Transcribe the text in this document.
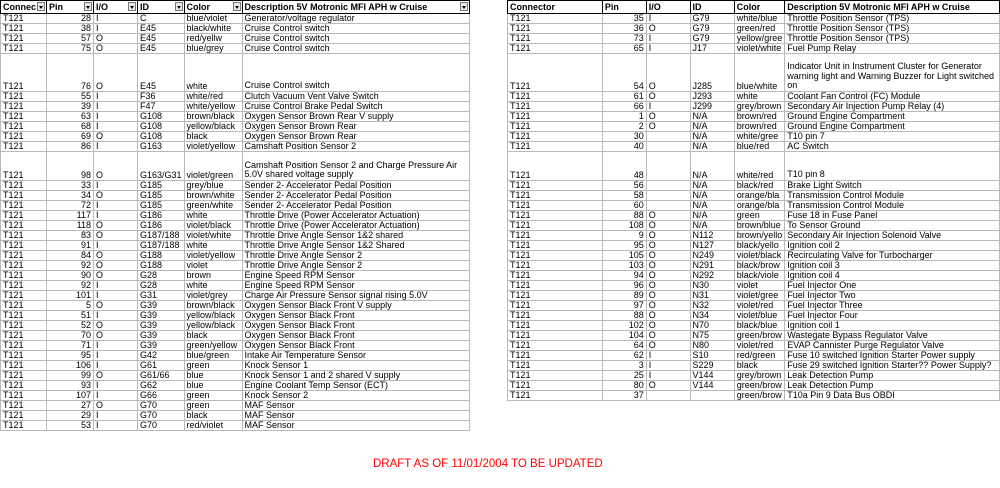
Connec	Pin	I/O	ID	Color	Description 5V Motronic MFI APH w Cruise

T121	28	I	C	blue/violet	Generator/voltage regulator
T121	38	I	E45	black/white	Cruise Control switch
T121	57	O	E45	red/yellw	Cruise Control switch
T121	75	O	E45	blue/grey	Cruise Control switch
T121	76	O	E45	white	Cruise Control switch
T121	55	I	F36	white/red	Clutch Vacuum Vent Valve Switch
T121	39	I	F47	white/yellow	Cruise Control Brake Pedal Switch
T121	63	I	G108	brown/black	Oxygen Sensor Brown Rear V supply
T121	68	I	G108	yellow/black	Oxygen Sensor Brown Rear
T121	69	O	G108	black	Oxygen Sensor Brown Rear
T121	86	I	G163	violet/yellow	Camshaft Position Sensor 2
T121	98	O	G163/G31	violet/green	Camshaft Position Sensor 2 and Charge Pressure Air 5.0V shared voltage supply
T121	33	I	G185	grey/blue	Sender 2- Accelerator Pedal Position
T121	34	O	G185	brown/white	Sender 2- Accelerator Pedal Position
T121	72	I	G185	green/white	Sender 2- Accelerator Pedal Position
T121	117	I	G186	white	Throttle Drive (Power Accelerator Actuation)
T121	118	O	G186	violet/black	Throttle Drive (Power Accelerator Actuation)
T121	83	O	G187/188	violet/white	Throttle Drive Angle Sensor 1&2 shared
T121	91	I	G187/188	white	Throttle Drive Angle Sensor 1&2 Shared
T121	84	O	G188	violet/yellow	Throttle Drive Angle Sensor 2
T121	92	O	G188	violet	Throttle Drive Angle Sensor 2
T121	90	O	G28	brown	Engine Speed RPM Sensor
T121	92	I	G28	white	Engine Speed RPM Sensor
T121	101	I	G31	violet/grey	Charge Air Pressure Sensor signal rising 5.0V
T121	5	O	G39	brown/black	Oxygen Sensor Black Front V supply
T121	51	I	G39	yellow/black	Oxygen Sensor Black Front
T121	52	O	G39	yellow/black	Oxygen Sensor Black Front
T121	70	O	G39	black	Oxygen Sensor Black Front
T121	71	I	G39	green/yellow	Oxygen Sensor Black Front
T121	95	I	G42	blue/green	Intake Air Temperature Sensor
T121	106	I	G61	green	Knock Sensor 1
T121	99	O	G61/66	blue	Knock Sensor 1 and 2 shared V supply
T121	93	I	G62	blue	Engine Coolant Temp Sensor (ECT)
T121	107	I	G66	green	Knock Sensor 2
T121	27	O	G70	green	MAF Sensor
T121	29	I	G70	black	MAF Sensor
T121	53	I	G70	red/violet	MAF Sensor
Connector	Pin	I/O	ID	Color	Description 5V Motronic MFI APH w Cruise
T121	35	I	G79	white/blue	Throttle Position Sensor (TPS)
T121	36	O	G79	green/red	Throttle Position Sensor (TPS)
T121	73	I	G79	yellow/gree	Throttle Position Sensor (TPS)
T121	65	I	J17	violet/white	Fuel Pump Relay
T121	54	O	J285	blue/white	Indicator Unit in Instrument Cluster for Generator warning light and Warning Buzzer for Light switched on
T121	61	O	J293	white	Coolant Fan Control (FC) Module
T121	66	I	J299	grey/brown	Secondary Air Injection Pump Relay (4)
T121	1	O	N/A	brown/red	Ground Engine Compartment
T121	2	O	N/A	brown/red	Ground Engine Compartment
T121	30		N/A	white/gree	T10 pin 7
T121	40		N/A	blue/red	AC Switch
T121	48		N/A	white/red	T10 pin 8
T121	56		N/A	black/red	Brake Light Switch
T121	58		N/A	orange/bla	Transmission Control Module
T121	60		N/A	orange/bla	Transmission Control Module
T121	88	O	N/A	green	Fuse 18 in Fuse Panel
T121	108	O	N/A	brown/blue	To Sensor Ground
T121	9	O	N112	brown/yello	Secondary Air Injection Solenoid Valve
T121	95	O	N127	black/yello	Ignition coil 2
T121	105	O	N249	violet/black	Recirculating Valve for Turbocharger
T121	103	O	N291	black/brow	Ignition coil 3
T121	94	O	N292	black/viole	Ignition coil 4
T121	96	O	N30	violet	Fuel Injector One
T121	89	O	N31	violet/gree	Fuel Injector Two
T121	97	O	N32	violet/red	Fuel Injector Three
T121	88	O	N34	violet/blue	Fuel Injector Four
T121	102	O	N70	black/blue	Ignition coil 1
T121	104	O	N75	green/brow	Wastegate Bypass Regulator Valve
T121	64	O	N80	violet/red	EVAP Cannister Purge Regulator Valve
T121	62	I	S10	red/green	Fuse 10 switched Ignition Starter Power supply
T121	3	I	S229	black	Fuse 29 switched Ignition Starter?? Power Supply?
T121	25	I	V144	grey/brown	Leak Detection Pump
T121	80	O	V144	green/brow	Leak Detection Pump
T121	37			green/brow	T10a Pin 9 Data Bus OBDI
DRAFT AS OF 11/01/2004 TO BE UPDATED
